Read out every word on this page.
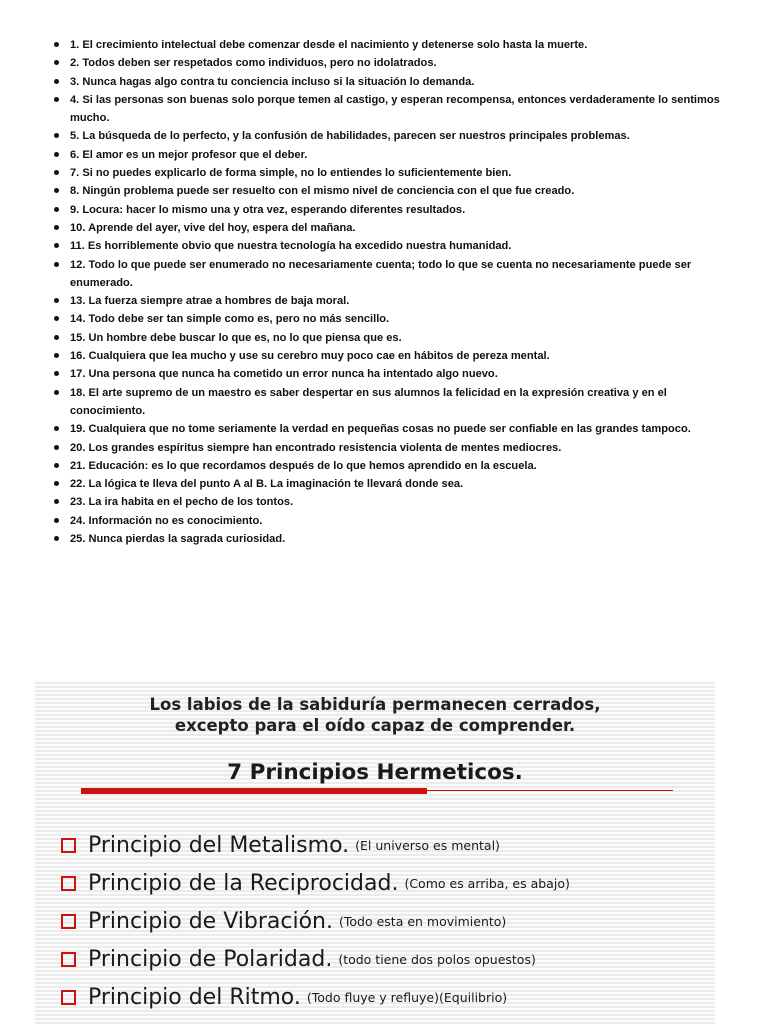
1. El crecimiento intelectual debe comenzar desde el nacimiento y detenerse solo hasta la muerte.
2. Todos deben ser respetados como individuos, pero no idolatrados.
3. Nunca hagas algo contra tu conciencia incluso si la situación lo demanda.
4. Si las personas son buenas solo porque temen al castigo, y esperan recompensa, entonces verdaderamente lo sentimos mucho.
5. La búsqueda de lo perfecto, y la confusión de habilidades, parecen ser nuestros principales problemas.
6. El amor es un mejor profesor que el deber.
7. Si no puedes explicarlo de forma simple, no lo entiendes lo suficientemente bien.
8. Ningún problema puede ser resuelto con el mismo nivel de conciencia con el que fue creado.
9. Locura: hacer lo mismo una y otra vez, esperando diferentes resultados.
10. Aprende del ayer, vive del hoy, espera del mañana.
11. Es horriblemente obvio que nuestra tecnología ha excedido nuestra humanidad.
12. Todo lo que puede ser enumerado no necesariamente cuenta; todo lo que se cuenta no necesariamente puede ser enumerado.
13. La fuerza siempre atrae a hombres de baja moral.
14. Todo debe ser tan simple como es, pero no más sencillo.
15. Un hombre debe buscar lo que es, no lo que piensa que es.
16. Cualquiera que lea mucho y use su cerebro muy poco cae en hábitos de pereza mental.
17. Una persona que nunca ha cometido un error nunca ha intentado algo nuevo.
18. El arte supremo de un maestro es saber despertar en sus alumnos la felicidad en la expresión creativa y en el conocimiento.
19. Cualquiera que no tome seriamente la verdad en pequeñas cosas no puede ser confiable en las grandes tampoco.
20. Los grandes espíritus siempre han encontrado resistencia violenta de mentes mediocres.
21. Educación: es lo que recordamos después de lo que hemos aprendido en la escuela.
22. La lógica te lleva del punto A al B. La imaginación te llevará donde sea.
23. La ira habita en el pecho de los tontos.
24. Información no es conocimiento.
25. Nunca pierdas la sagrada curiosidad.
Los labios de la sabiduría permanecen cerrados,
excepto para el oído capaz de comprender.
7 Principios Hermeticos.
Principio del Metalismo. (El universo es mental)
Principio de la Reciprocidad. (Como es arriba, es abajo)
Principio de Vibración. (Todo esta en movimiento)
Principio de Polaridad. (todo tiene dos polos opuestos)
Principio del Ritmo. (Todo fluye y refluye)(Equilibrio)
